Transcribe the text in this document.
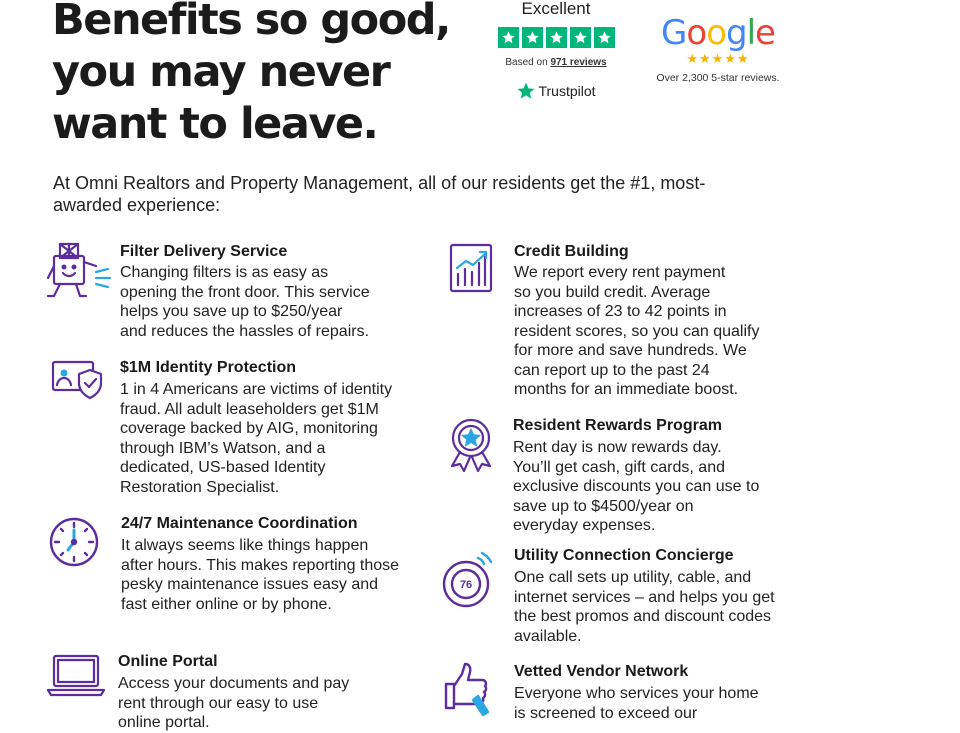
Benefits so good,
you may never
want to leave.
Excellent
Based on 971 reviews
Trustpilot
Google
★★★★★
Over 2,300 5-star reviews.

At Omni Realtors and Property Management, all of our residents get the #1, most-awarded experience:

Filter Delivery Service
Changing filters is as easy as
opening the front door. This service
helps you save up to $250/year
and reduces the hassles of repairs.
$1M Identity Protection
1 in 4 Americans are victims of identity
fraud. All adult leaseholders get $1M
coverage backed by AIG, monitoring
through IBM’s Watson, and a
dedicated, US-based Identity
Restoration Specialist.
24/7 Maintenance Coordination
It always seems like things happen
after hours. This makes reporting those
pesky maintenance issues easy and
fast either online or by phone.
Online Portal
Access your documents and pay
rent through our easy to use
online portal.
Credit Building
We report every rent payment
so you build credit. Average
increases of 23 to 42 points in
resident scores, so you can qualify
for more and save hundreds. We
can report up to the past 24
months for an immediate boost.
Resident Rewards Program
Rent day is now rewards day.
You’ll get cash, gift cards, and
exclusive discounts you can use to
save up to $4500/year on
everyday expenses.
76
Utility Connection Concierge
One call sets up utility, cable, and
internet services – and helps you get
the best promos and discount codes
available.
Vetted Vendor Network
Everyone who services your home
is screened to exceed our
